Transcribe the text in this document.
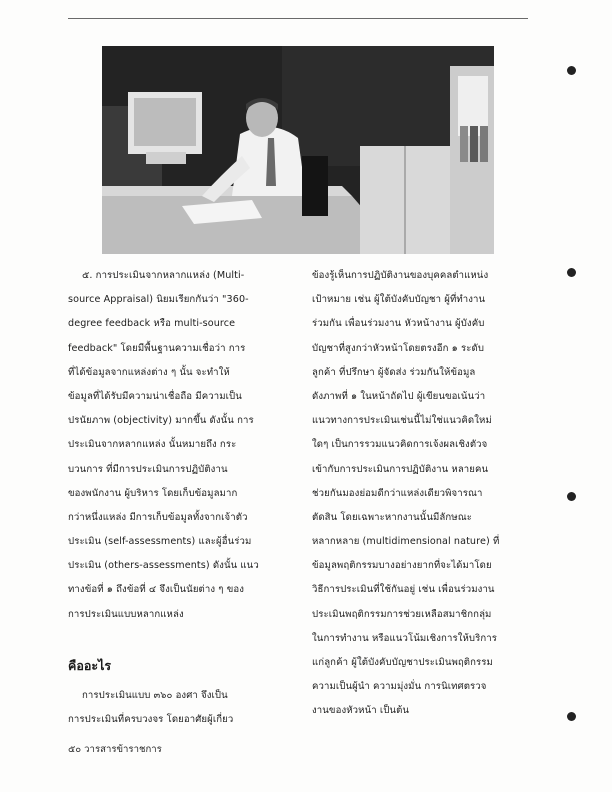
๕. การประเมินจากหลากแหล่ง (Multi-
source Appraisal) นิยมเรียกกันว่า "360-
degree feedback หรือ multi-source
feedback" โดยมีพื้นฐานความเชื่อว่า การ
ที่ได้ข้อมูลจากแหล่งต่าง ๆ นั้น จะทำให้
ข้อมูลที่ได้รับมีความน่าเชื่อถือ มีความเป็น
ปรนัยภาพ (objectivity) มากขึ้น ดังนั้น การ
ประเมินจากหลากแหล่ง นั้นหมายถึง กระ
บวนการ ที่มีการประเมินการปฏิบัติงาน
ของพนักงาน ผู้บริหาร โดยเก็บข้อมูลมาก
กว่าหนึ่งแหล่ง มีการเก็บข้อมูลทั้งจากเจ้าตัว
ประเมิน (self-assessments) และผู้อื่นร่วม
ประเมิน (others-assessments) ดังนั้น แนว
ทางข้อที่ ๑ ถึงข้อที่ ๔ จึงเป็นนัยต่าง ๆ ของ
การประเมินแบบหลากแหล่ง
คืออะไร
การประเมินแบบ ๓๖๐ องศา จึงเป็น
การประเมินที่ครบวงจร โดยอาศัยผู้เกี่ยว
ข้องรู้เห็นการปฏิบัติงานของบุคคลตำแหน่ง
เป้าหมาย เช่น ผู้ใต้บังคับบัญชา ผู้ที่ทำงาน
ร่วมกัน เพื่อนร่วมงาน หัวหน้างาน ผู้บังคับ
บัญชาที่สูงกว่าหัวหน้าโดยตรงอีก ๑ ระดับ
ลูกค้า ที่ปรึกษา ผู้จัดส่ง ร่วมกันให้ข้อมูล
ดังภาพที่ ๑ ในหน้าถัดไป ผู้เขียนขอเน้นว่า
แนวทางการประเมินเช่นนี้ไม่ใช่แนวคิดใหม่
ใดๆ เป็นการรวมแนวคิดการเจ้งผลเชิงตัวจ
เข้ากับการประเมินการปฏิบัติงาน หลายคน
ช่วยกันมองย่อมดีกว่าแหล่งเดียวพิจารณา
ตัดสิน โดยเฉพาะหากงานนั้นมีลักษณะ
หลากหลาย (multidimensional nature) ที่
ข้อมูลพฤติกรรมบางอย่างยากที่จะได้มาโดย
วิธีการประเมินที่ใช้กันอยู่ เช่น เพื่อนร่วมงาน
ประเมินพฤติกรรมการช่วยเหลือสมาชิกกลุ่ม
ในการทำงาน หรือแนวโน้มเชิงการให้บริการ
แก่ลูกค้า ผู้ใต้บังคับบัญชาประเมินพฤติกรรม
ความเป็นผู้นำ ความมุ่งมั่น การนิเทศตรวจ
งานของหัวหน้า เป็นต้น
๕๐ วารสารข้าราชการ
